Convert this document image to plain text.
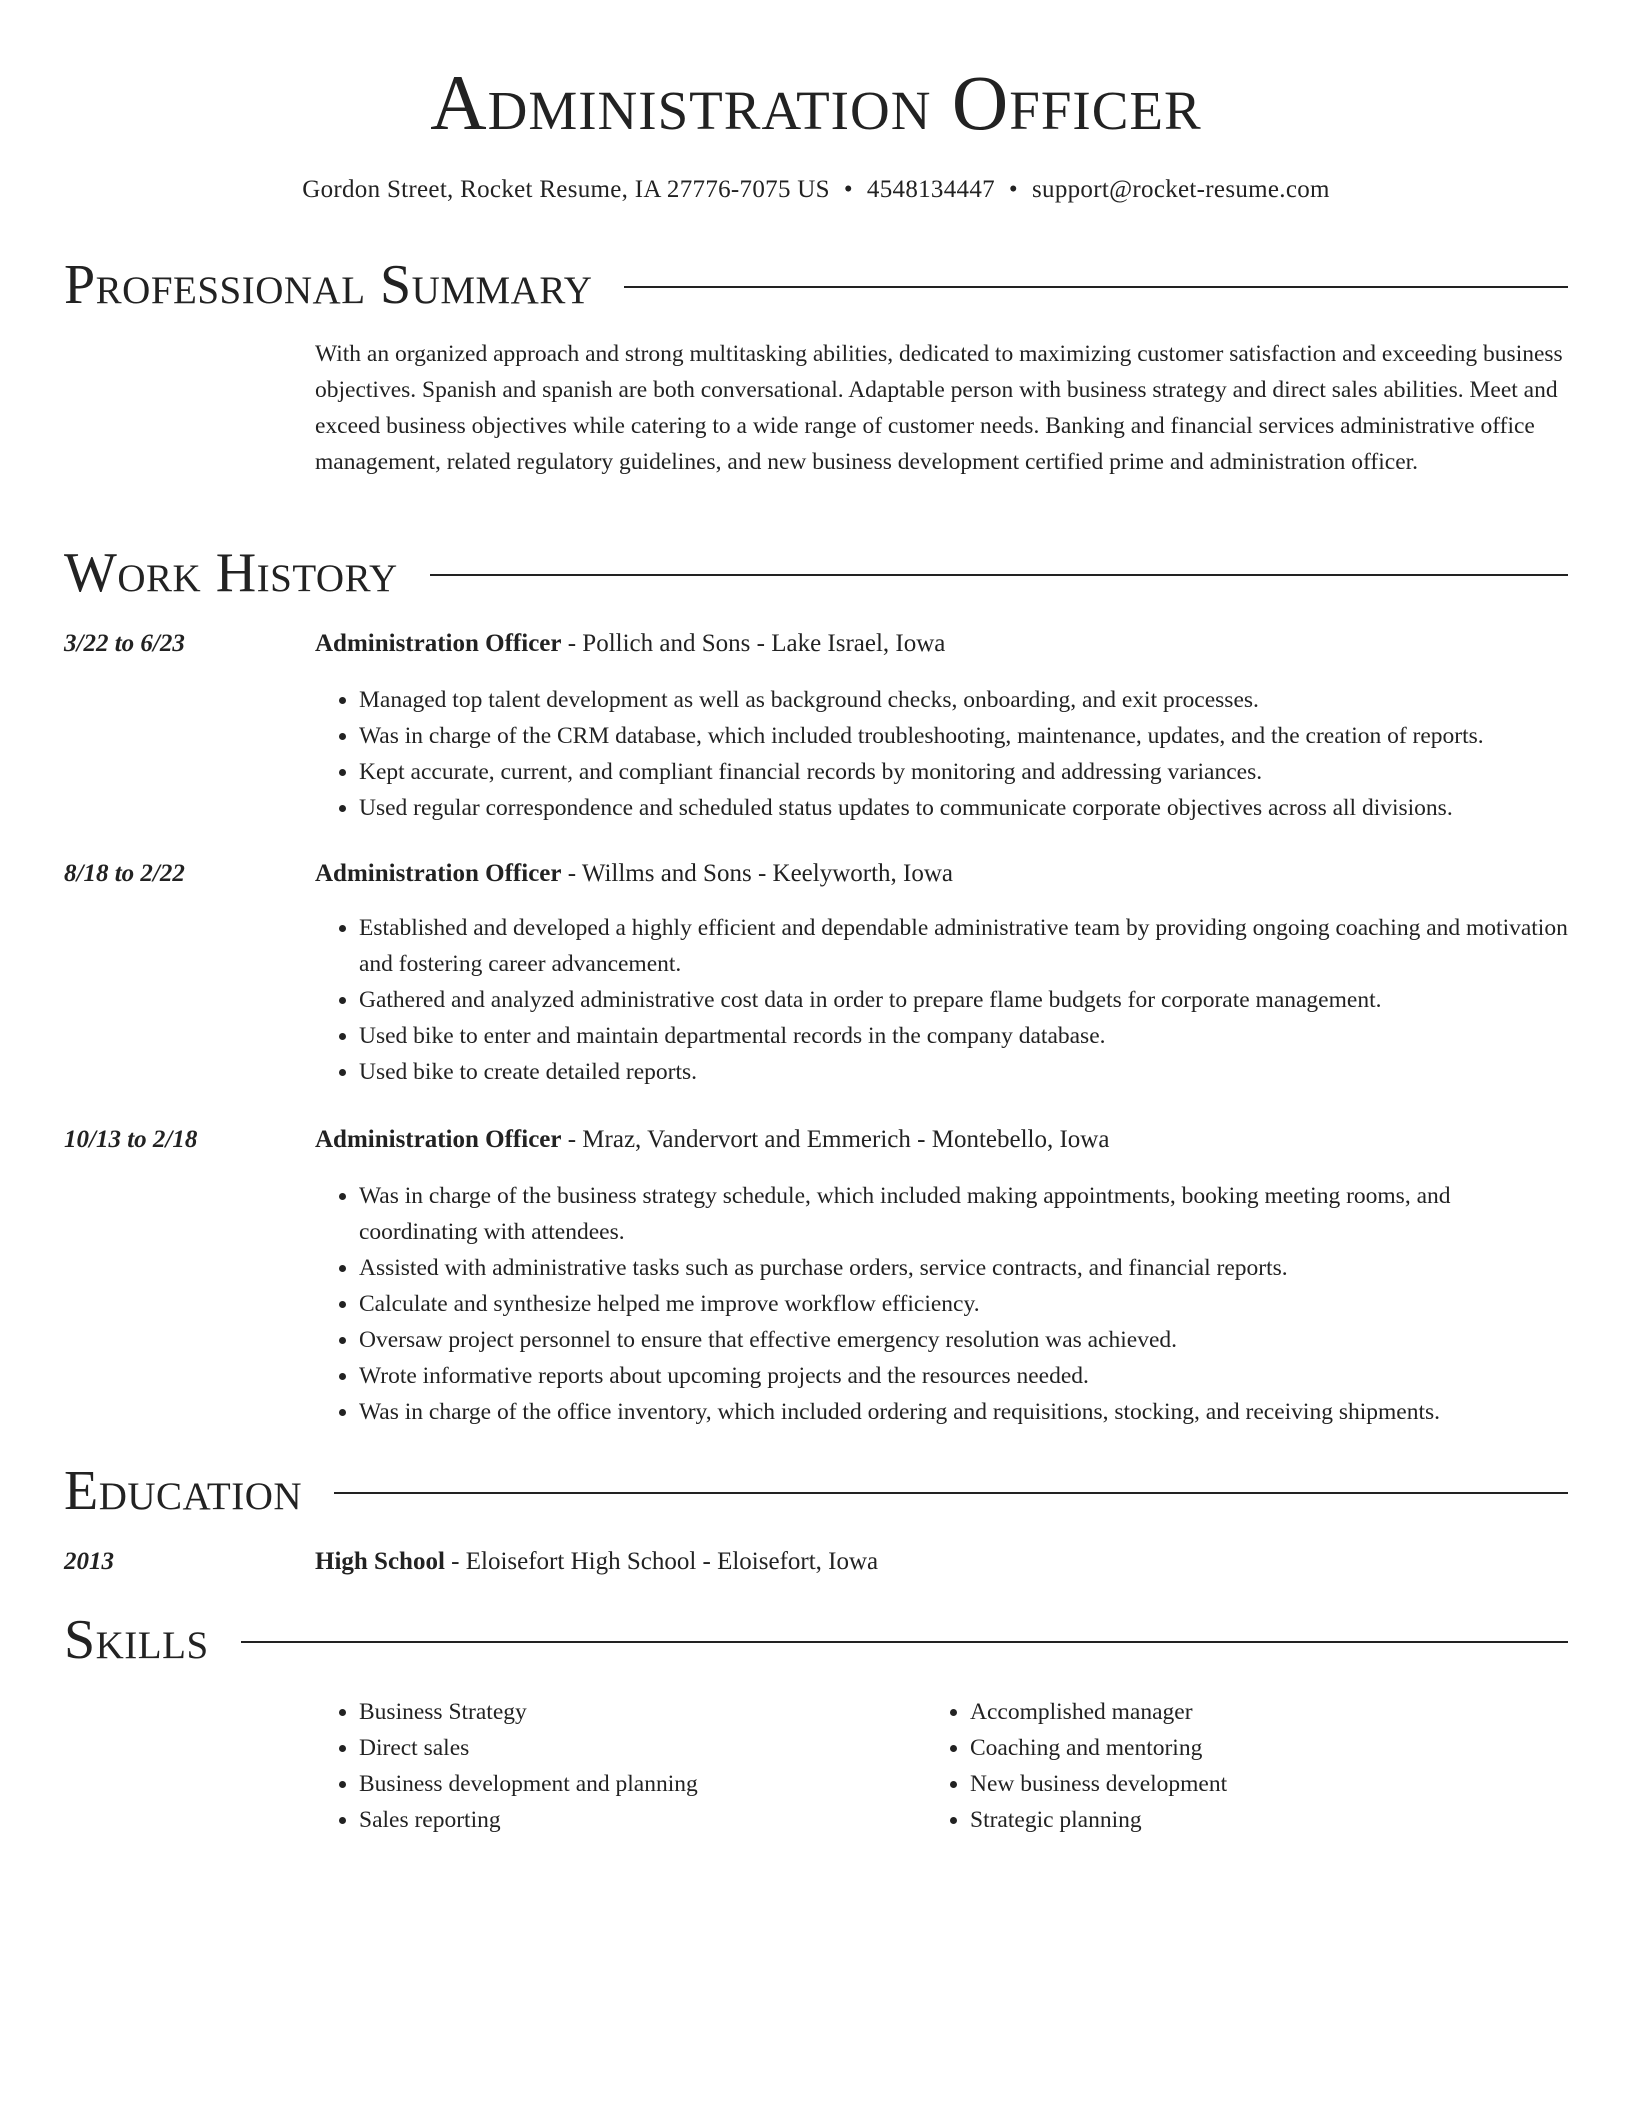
Administration Officer
Gordon Street, Rocket Resume, IA 27776-7075 US • 4548134447 • support@rocket-resume.com
Professional Summary

With an organized approach and strong multitasking abilities, dedicated to maximizing customer satisfaction and exceeding business objectives. Spanish and spanish are both conversational. Adaptable person with business strategy and direct sales abilities. Meet and exceed business objectives while catering to a wide range of customer needs. Banking and financial services administrative office management, related regulatory guidelines, and new business development certified prime and administration officer.

Work History
3/22 to 6/23	Administration Officer - Pollich and Sons - Lake Israel, Iowa
• Managed top talent development as well as background checks, onboarding, and exit processes.
• Was in charge of the CRM database, which included troubleshooting, maintenance, updates, and the creation of reports.
• Kept accurate, current, and compliant financial records by monitoring and addressing variances.
• Used regular correspondence and scheduled status updates to communicate corporate objectives across all divisions.
8/18 to 2/22	Administration Officer - Willms and Sons - Keelyworth, Iowa
• Established and developed a highly efficient and dependable administrative team by providing ongoing coaching and motivation and fostering career advancement.
• Gathered and analyzed administrative cost data in order to prepare flame budgets for corporate management.
• Used bike to enter and maintain departmental records in the company database.
• Used bike to create detailed reports.
10/13 to 2/18	Administration Officer - Mraz, Vandervort and Emmerich - Montebello, Iowa
• Was in charge of the business strategy schedule, which included making appointments, booking meeting rooms, and coordinating with attendees.
• Assisted with administrative tasks such as purchase orders, service contracts, and financial reports.
• Calculate and synthesize helped me improve workflow efficiency.
• Oversaw project personnel to ensure that effective emergency resolution was achieved.
• Wrote informative reports about upcoming projects and the resources needed.
• Was in charge of the office inventory, which included ordering and requisitions, stocking, and receiving shipments.
Education
2013	High School - Eloisefort High School - Eloisefort, Iowa
Skills
• Business Strategy
• Direct sales
• Business development and planning
• Sales reporting
• Accomplished manager
• Coaching and mentoring
• New business development
• Strategic planning
